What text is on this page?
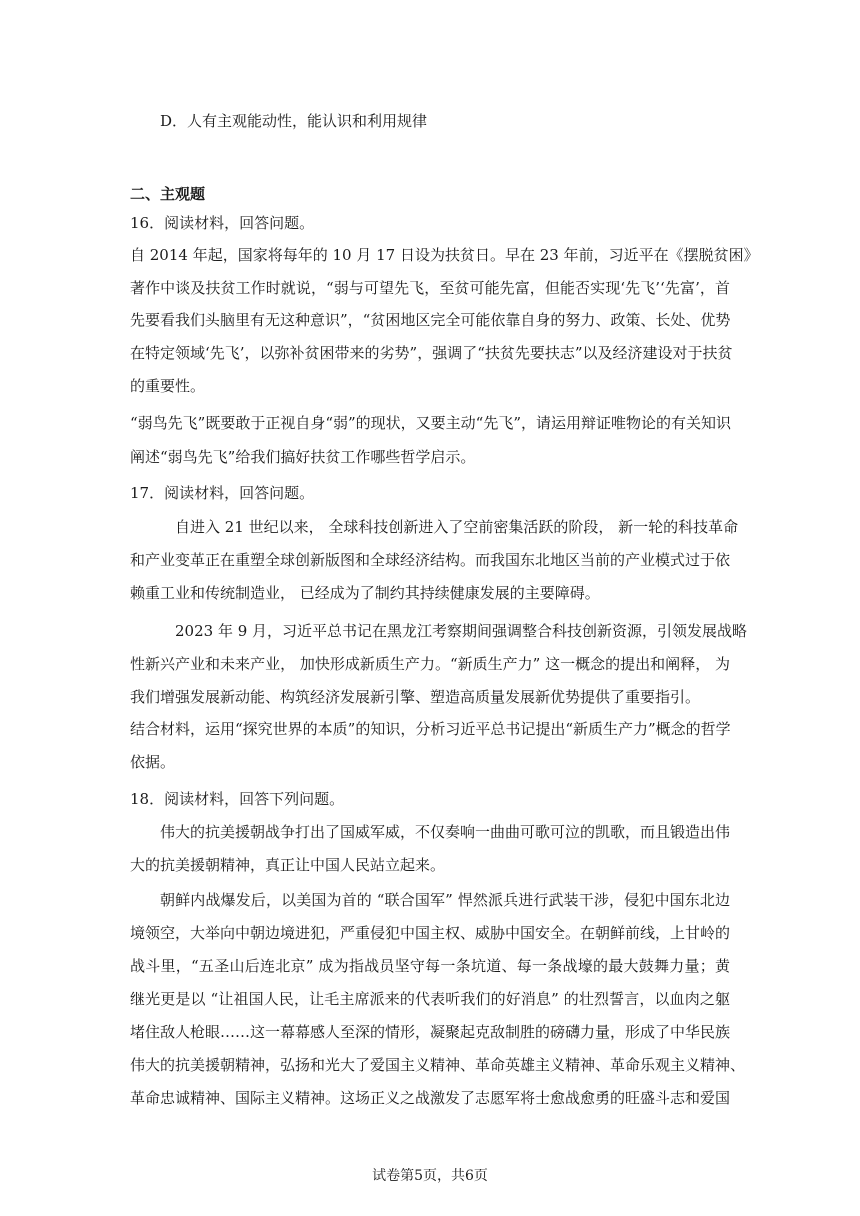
D．人有主观能动性，能认识和利用规律
二、主观题
16．阅读材料，回答问题。
自 2014 年起，国家将每年的 10 月 17 日设为扶贫日。早在 23 年前，习近平在《摆脱贫困》
著作中谈及扶贫工作时就说，“弱与可望先飞，至贫可能先富，但能否实现‘先飞’‘先富’，首
先要看我们头脑里有无这种意识”，“贫困地区完全可能依靠自身的努力、政策、长处、优势
在特定领域‘先飞’，以弥补贫困带来的劣势”，强调了“扶贫先要扶志”以及经济建设对于扶贫
的重要性。
“弱鸟先飞”既要敢于正视自身“弱”的现状，又要主动“先飞”，请运用辩证唯物论的有关知识
阐述“弱鸟先飞”给我们搞好扶贫工作哪些哲学启示。
17．阅读材料，回答问题。
自进入 21 世纪以来， 全球科技创新进入了空前密集活跃的阶段， 新一轮的科技革命
和产业变革正在重塑全球创新版图和全球经济结构。而我国东北地区当前的产业模式过于依
赖重工业和传统制造业， 已经成为了制约其持续健康发展的主要障碍。
2023 年 9 月，习近平总书记在黑龙江考察期间强调整合科技创新资源，引领发展战略
性新兴产业和未来产业， 加快形成新质生产力。“新质生产力” 这一概念的提出和阐释， 为
我们增强发展新动能、构筑经济发展新引擎、塑造高质量发展新优势提供了重要指引。
结合材料，运用“探究世界的本质”的知识，分析习近平总书记提出“新质生产力”概念的哲学
依据。
18．阅读材料，回答下列问题。
伟大的抗美援朝战争打出了国威军威，不仅奏响一曲曲可歌可泣的凯歌，而且锻造出伟
大的抗美援朝精神，真正让中国人民站立起来。
朝鲜内战爆发后，以美国为首的 “联合国军” 悍然派兵进行武装干涉，侵犯中国东北边
境领空，大举向中朝边境进犯，严重侵犯中国主权、威胁中国安全。在朝鲜前线，上甘岭的
战斗里，“五圣山后连北京” 成为指战员坚守每一条坑道、每一条战壕的最大鼓舞力量；黄
继光更是以 “让祖国人民，让毛主席派来的代表听我们的好消息” 的壮烈誓言，以血肉之躯
堵住敌人枪眼……这一幕幕感人至深的情形，凝聚起克敌制胜的磅礴力量，形成了中华民族
伟大的抗美援朝精神，弘扬和光大了爱国主义精神、革命英雄主义精神、革命乐观主义精神、
革命忠诚精神、国际主义精神。这场正义之战激发了志愿军将士愈战愈勇的旺盛斗志和爱国
试卷第5页，共6页
